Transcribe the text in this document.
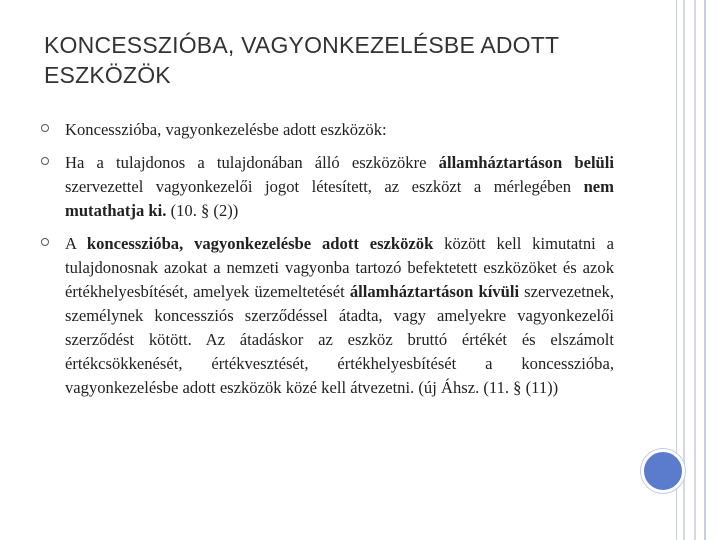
KONCESSZIÓBA, VAGYONKEZELÉSBE ADOTT ESZKÖZÖK
Koncesszióba, vagyonkezelésbe adott eszközök:
Ha a tulajdonos a tulajdonában álló eszközökre államháztartáson belüli szervezettel vagyonkezelői jogot létesített, az eszközt a mérlegében nem mutathatja ki. (10. § (2))
A koncesszióba, vagyonkezelésbe adott eszközök között kell kimutatni a tulajdonosnak azokat a nemzeti vagyonba tartozó befektetett eszközöket és azok értékhelyesbítését, amelyek üzemeltetését államháztartáson kívüli szervezetnek, személynek koncessziós szerződéssel átadta, vagy amelyekre vagyonkezelői szerződést kötött. Az átadáskor az eszköz bruttó értékét és elszámolt értékcsökkenését, értékvesztését, értékhelyesbítését a koncesszióba, vagyonkezelésbe adott eszközök közé kell átvezetni. (új Áhsz. (11. § (11))
